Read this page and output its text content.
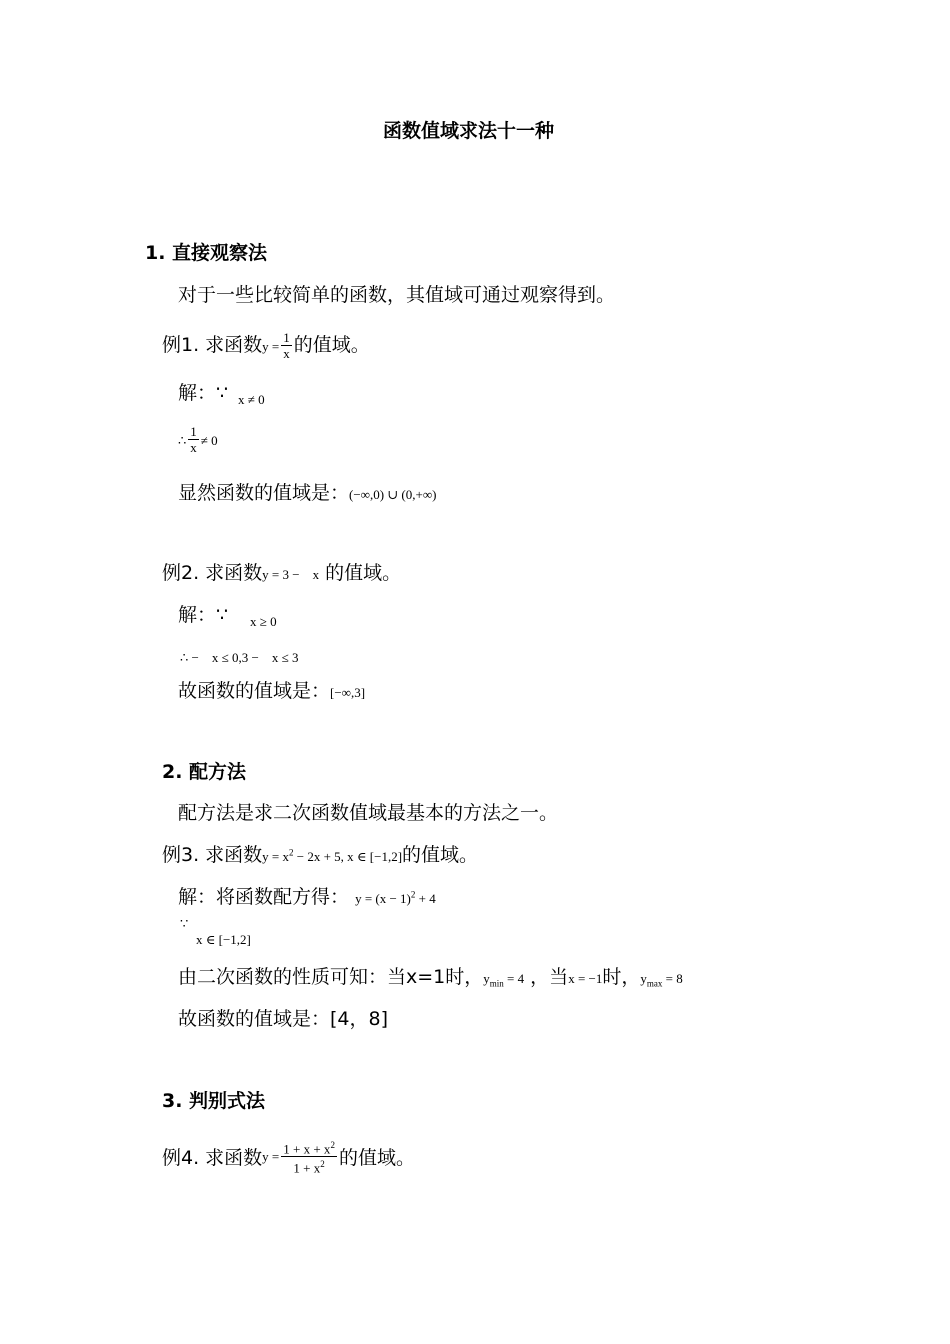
函数值域求法十一种
1. 直接观察法
对于一些比较简单的函数，其值域可通过观察得到。
例1. 求函数$y = \frac{1}{x}$ 的值域。
解：∵ x ≠ 0
∴ $\frac{1}{x} \ne 0$
显然函数的值域是：(−∞,0) ∪ (0,+∞)
例2. 求函数y = 3 −    x 的值域。
解：∵ x ≥ 0
∴ −    x ≤ 0,3 −    x ≤ 3
故函数的值域是：[−∞,3]
2. 配方法
配方法是求二次函数值域最基本的方法之一。
例3. 求函数$y = x^2 - 2x + 5$, x ∈ [−1,2]的值域。
解：将函数配方得： $y = (x - 1)^2 + 4$
∵
x ∈ [−1,2]
由二次函数的性质可知：当x=1时，$y_{min} = 4$ ，当x = −1时，$y_{max} = 8$
故函数的值域是：[4，8]
3. 判别式法
例4. 求函数$y = \frac{1 + x + x^2}{1 + x^2}$ 的值域。
